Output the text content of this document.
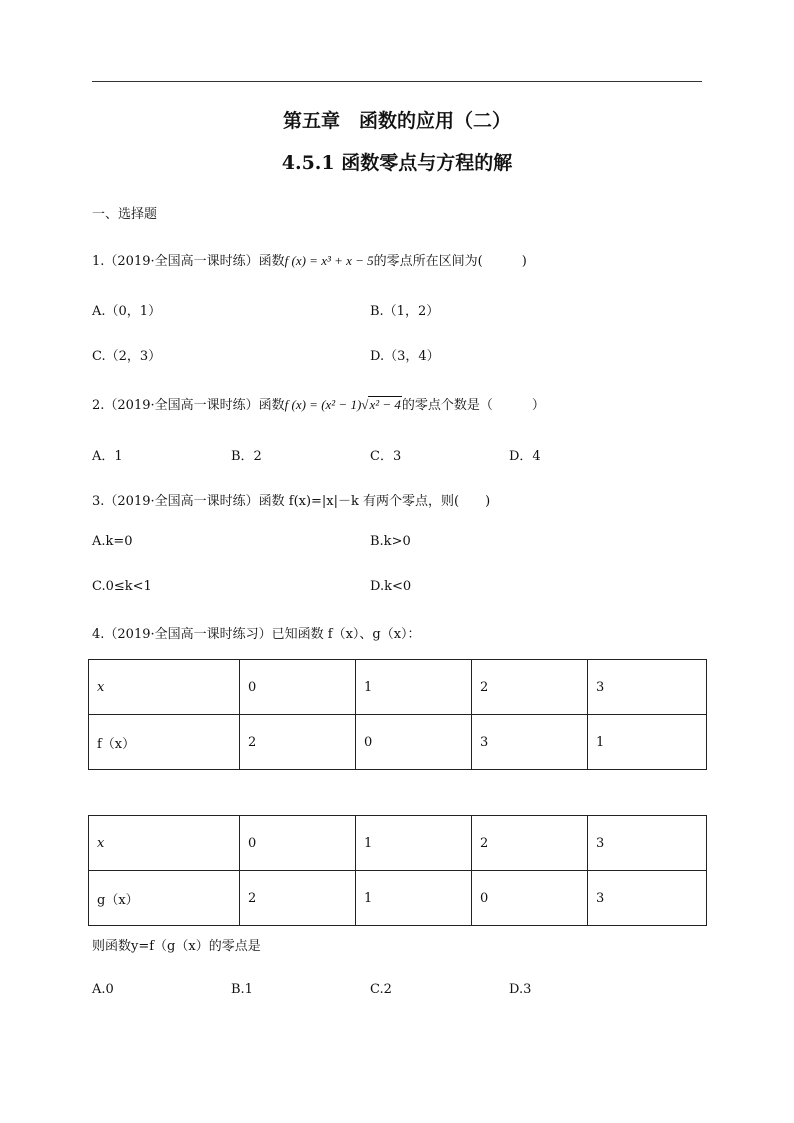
第五章　函数的应用（二）
4.5.1 函数零点与方程的解
一、选择题
1.（2019·全国高一课时练）函数f (x) = x³ + x − 5的零点所在区间为(　　　)
A.（0，1）	B.（1，2）
C.（2，3）	D.（3，4）
2.（2019·全国高一课时练）函数f (x) = (x² − 1)√x² − 4的零点个数是（　　　）
A．1	B．2	C．3	D．4
3.（2019·全国高一课时练）函数 f(x)=|x|－k 有两个零点，则(　　)
A.k=0	B.k>0
C.0≤k<1	D.k<0
4.（2019·全国高一课时练习）已知函数 f（x）、g（x）：
x	0	1	2	3
f（x）	2	0	3	1
x	0	1	2	3
g（x）	2	1	0	3
则函数y=f（g（x）的零点是
A.0	B.1	C.2	D.3
